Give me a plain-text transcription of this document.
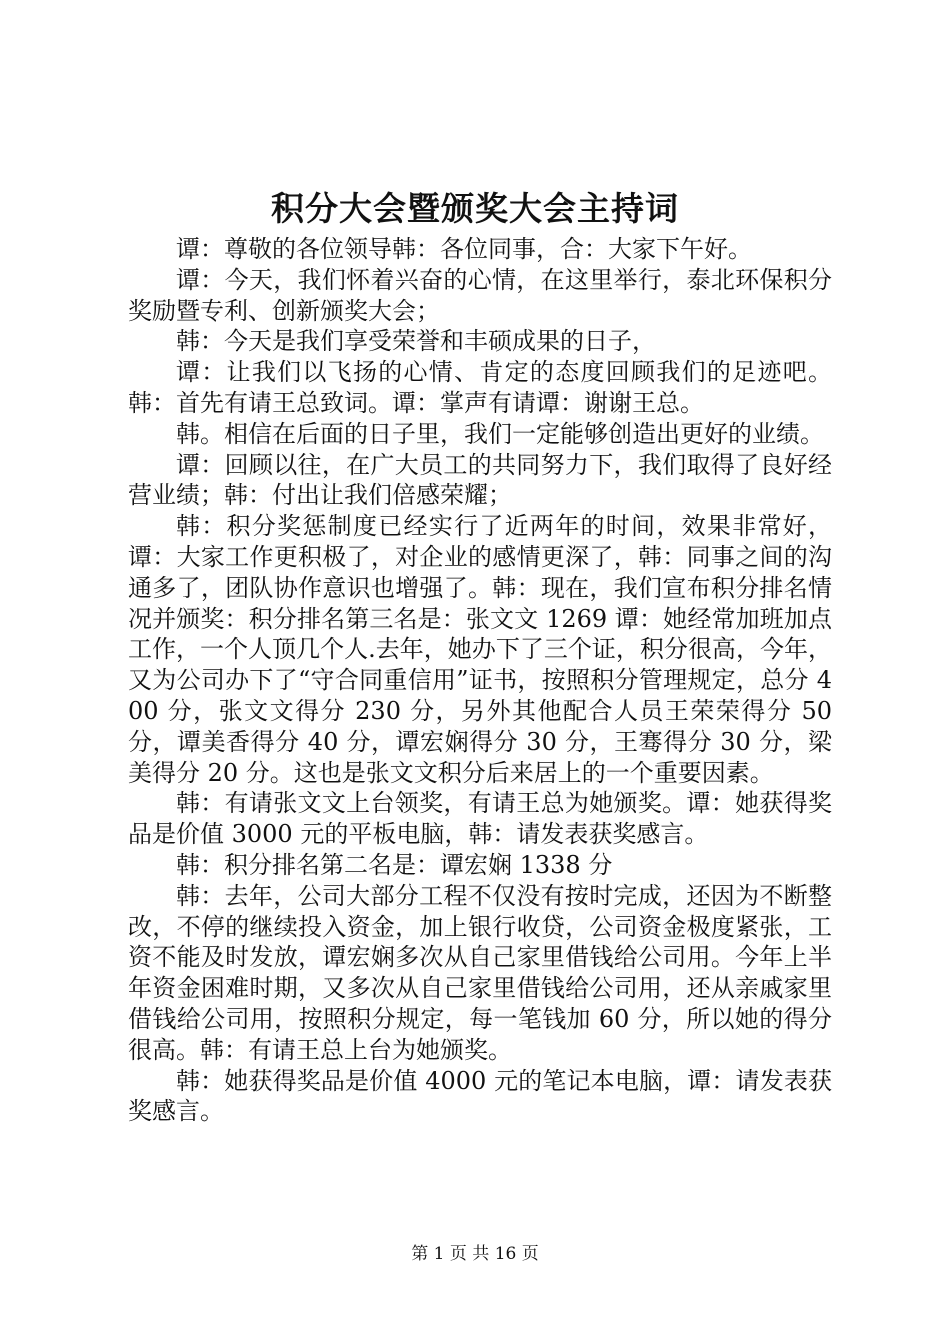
积分大会暨颁奖大会主持词

谭：尊敬的各位领导韩：各位同事，合：大家下午好。

谭：今天，我们怀着兴奋的心情，在这里举行，泰北环保积分奖励暨专利、创新颁奖大会；

韩：今天是我们享受荣誉和丰硕成果的日子，

谭：让我们以飞扬的心情、肯定的态度回顾我们的足迹吧。韩：首先有请王总致词。谭：掌声有请谭：谢谢王总。

韩。相信在后面的日子里，我们一定能够创造出更好的业绩。

谭：回顾以往，在广大员工的共同努力下，我们取得了良好经营业绩；韩：付出让我们倍感荣耀；

韩：积分奖惩制度已经实行了近两年的时间，效果非常好，谭：大家工作更积极了，对企业的感情更深了，韩：同事之间的沟通多了，团队协作意识也增强了。韩：现在，我们宣布积分排名情况并颁奖：积分排名第三名是：张文文 1269 谭：她经常加班加点工作，一个人顶几个人.去年，她办下了三个证，积分很高，今年，又为公司办下了“守合同重信用”证书，按照积分管理规定，总分 400 分，张文文得分 230 分，另外其他配合人员王荣荣得分 50 分，谭美香得分 40 分，谭宏娴得分 30 分，王骞得分 30 分，梁美得分 20 分。这也是张文文积分后来居上的一个重要因素。

韩：有请张文文上台领奖，有请王总为她颁奖。谭：她获得奖品是价值 3000 元的平板电脑，韩：请发表获奖感言。

韩：积分排名第二名是：谭宏娴 1338 分

韩：去年，公司大部分工程不仅没有按时完成，还因为不断整改，不停的继续投入资金，加上银行收贷，公司资金极度紧张，工资不能及时发放，谭宏娴多次从自己家里借钱给公司用。今年上半年资金困难时期，又多次从自己家里借钱给公司用，还从亲戚家里借钱给公司用，按照积分规定，每一笔钱加 60 分，所以她的得分很高。韩：有请王总上台为她颁奖。

韩：她获得奖品是价值 4000 元的笔记本电脑，谭：请发表获奖感言。

第 1 页 共 16 页
